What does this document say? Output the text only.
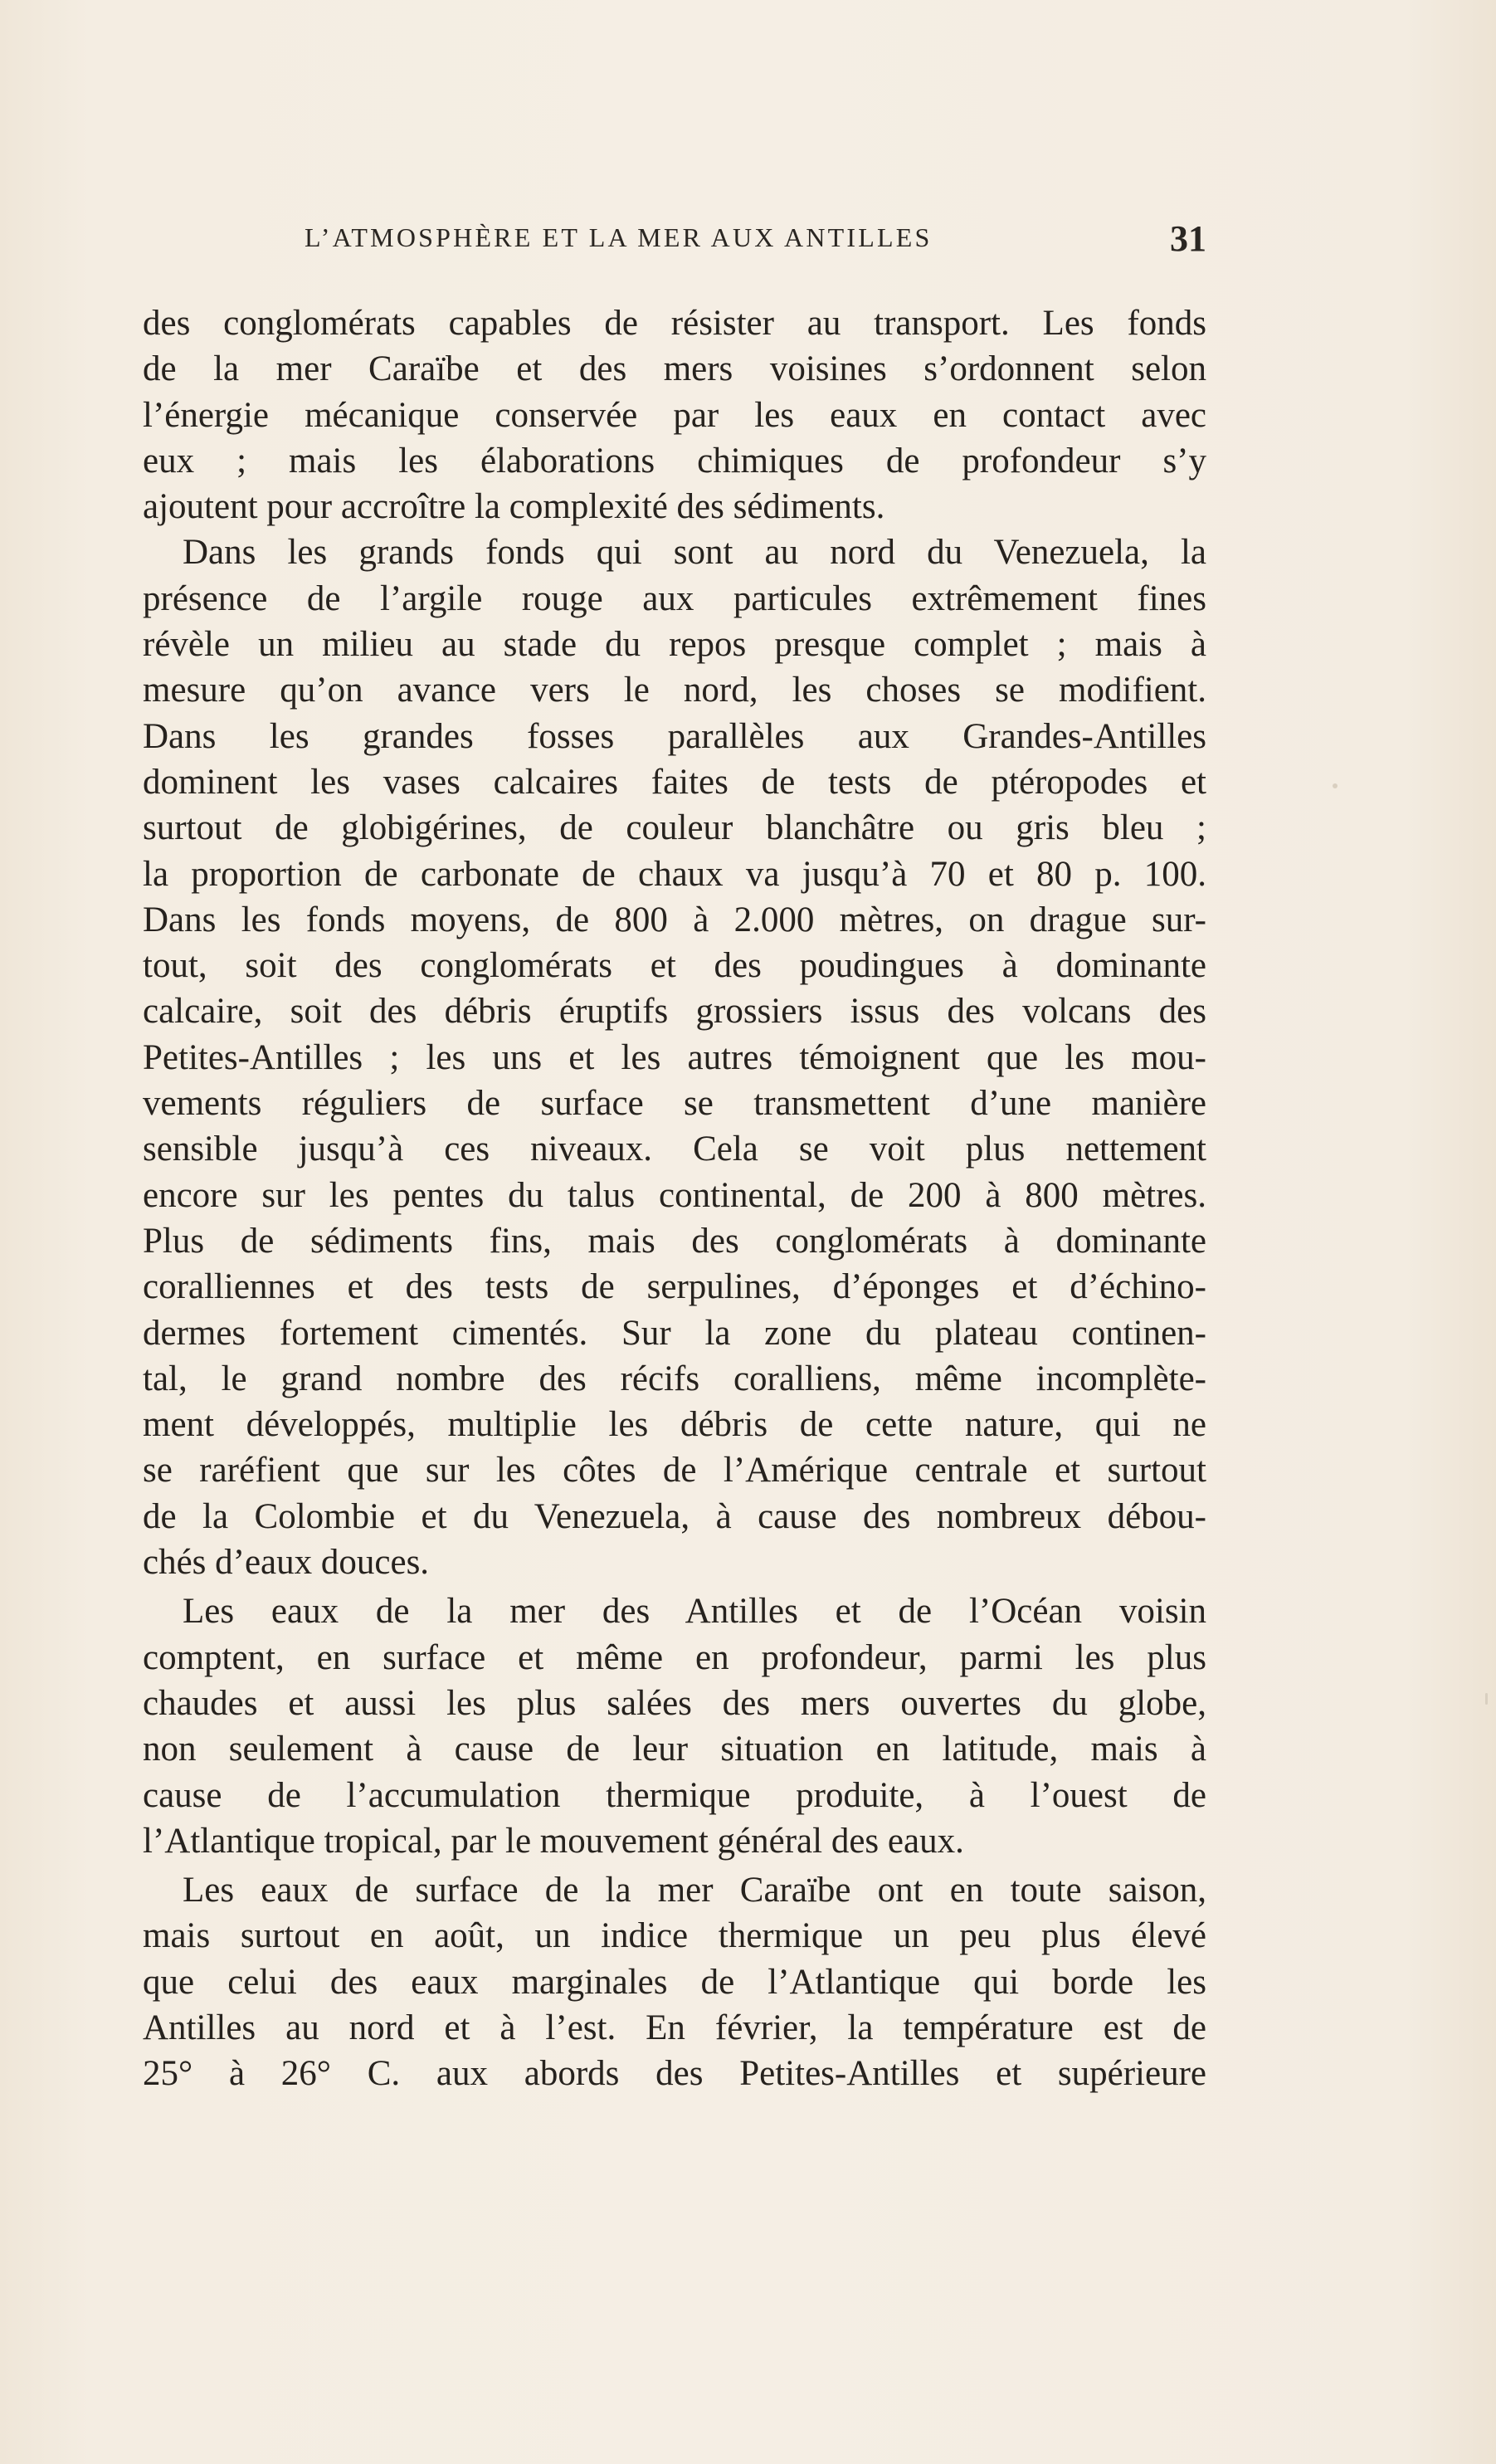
L’ATMOSPHÈRE ET LA MER AUX ANTILLES	31
des conglomérats capables de résister au transport. Les fonds
de la mer Caraïbe et des mers voisines s’ordonnent selon
l’énergie mécanique conservée par les eaux en contact avec
eux ; mais les élaborations chimiques de profondeur s’y
ajoutent pour accroître la complexité des sédiments.
Dans les grands fonds qui sont au nord du Venezuela, la
présence de l’argile rouge aux particules extrêmement fines
révèle un milieu au stade du repos presque complet ; mais à
mesure qu’on avance vers le nord, les choses se modifient.
Dans les grandes fosses parallèles aux Grandes-Antilles
dominent les vases calcaires faites de tests de ptéropodes et
surtout de globigérines, de couleur blanchâtre ou gris bleu ;
la proportion de carbonate de chaux va jusqu’à 70 et 80 p. 100.
Dans les fonds moyens, de 800 à 2.000 mètres, on drague sur-
tout, soit des conglomérats et des poudingues à dominante
calcaire, soit des débris éruptifs grossiers issus des volcans des
Petites-Antilles ; les uns et les autres témoignent que les mou-
vements réguliers de surface se transmettent d’une manière
sensible jusqu’à ces niveaux. Cela se voit plus nettement
encore sur les pentes du talus continental, de 200 à 800 mètres.
Plus de sédiments fins, mais des conglomérats à dominante
coralliennes et des tests de serpulines, d’éponges et d’échino-
dermes fortement cimentés. Sur la zone du plateau continen-
tal, le grand nombre des récifs coralliens, même incomplète-
ment développés, multiplie les débris de cette nature, qui ne
se raréfient que sur les côtes de l’Amérique centrale et surtout
de la Colombie et du Venezuela, à cause des nombreux débou-
chés d’eaux douces.
Les eaux de la mer des Antilles et de l’Océan voisin
comptent, en surface et même en profondeur, parmi les plus
chaudes et aussi les plus salées des mers ouvertes du globe,
non seulement à cause de leur situation en latitude, mais à
cause de l’accumulation thermique produite, à l’ouest de
l’Atlantique tropical, par le mouvement général des eaux.
Les eaux de surface de la mer Caraïbe ont en toute saison,
mais surtout en août, un indice thermique un peu plus élevé
que celui des eaux marginales de l’Atlantique qui borde les
Antilles au nord et à l’est. En février, la température est de
25° à 26° C. aux abords des Petites-Antilles et supérieure
